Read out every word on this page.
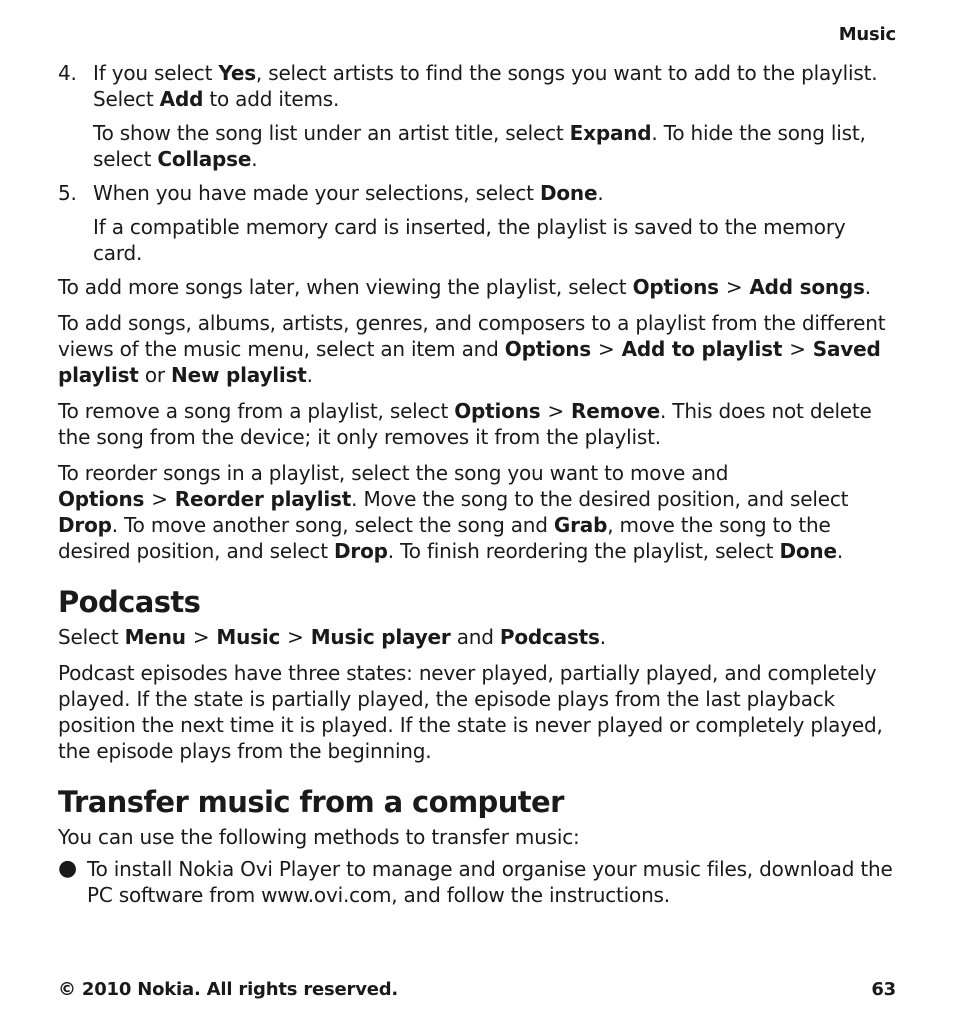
Music
4. If you select Yes, select artists to find the songs you want to add to the playlist. Select Add to add items.

To show the song list under an artist title, select Expand. To hide the song list, select Collapse.

5. When you have made your selections, select Done.

If a compatible memory card is inserted, the playlist is saved to the memory card.

To add more songs later, when viewing the playlist, select Options > Add songs.

To add songs, albums, artists, genres, and composers to a playlist from the different views of the music menu, select an item and Options > Add to playlist > Saved playlist or New playlist.

To remove a song from a playlist, select Options > Remove. This does not delete the song from the device; it only removes it from the playlist.

To reorder songs in a playlist, select the song you want to move and Options > Reorder playlist. Move the song to the desired position, and select Drop. To move another song, select the song and Grab, move the song to the desired position, and select Drop. To finish reordering the playlist, select Done.

Podcasts

Select Menu > Music > Music player and Podcasts.

Podcast episodes have three states: never played, partially played, and completely played. If the state is partially played, the episode plays from the last playback position the next time it is played. If the state is never played or completely played, the episode plays from the beginning.

Transfer music from a computer

You can use the following methods to transfer music:

● To install Nokia Ovi Player to manage and organise your music files, download the PC software from www.ovi.com, and follow the instructions.
© 2010 Nokia. All rights reserved.	63
